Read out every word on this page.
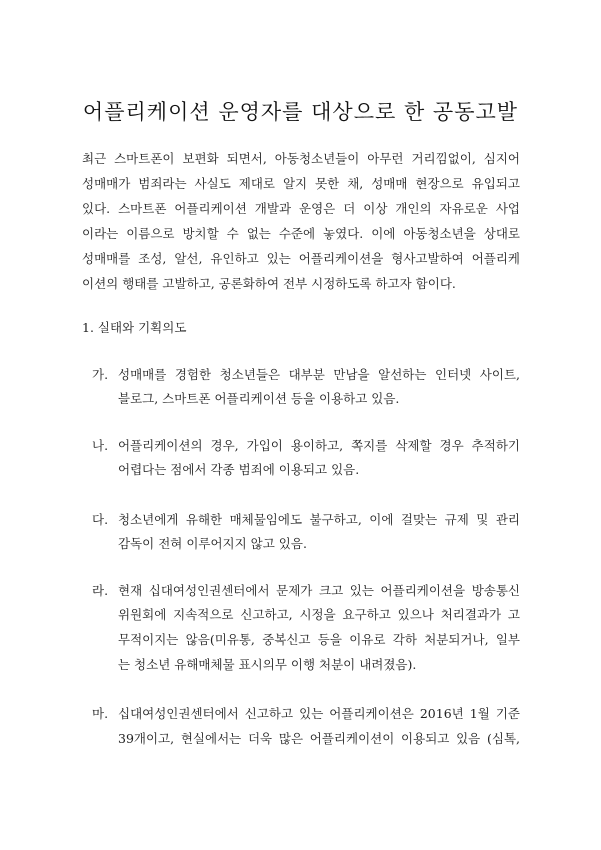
어플리케이션 운영자를 대상으로 한 공동고발
최근 스마트폰이 보편화 되면서, 아동청소년들이 아무런 거리낌없이, 심지어
성매매가 범죄라는 사실도 제대로 알지 못한 채, 성매매 현장으로 유입되고
있다. 스마트폰 어플리케이션 개발과 운영은 더 이상 개인의 자유로운 사업
이라는 이름으로 방치할 수 없는 수준에 놓였다. 이에 아동청소년을 상대로
성매매를 조성, 알선, 유인하고 있는 어플리케이션을 형사고발하여 어플리케
이션의 행태를 고발하고, 공론화하여 전부 시정하도록 하고자 함이다.
1. 실태와 기획의도
가. 성매매를 경험한 청소년들은 대부분 만남을 알선하는 인터넷 사이트,
블로그, 스마트폰 어플리케이션 등을 이용하고 있음.
나. 어플리케이션의 경우, 가입이 용이하고, 쪽지를 삭제할 경우 추적하기
어렵다는 점에서 각종 범죄에 이용되고 있음.
다. 청소년에게 유해한 매체물임에도 불구하고, 이에 걸맞는 규제 및 관리
감독이 전혀 이루어지지 않고 있음.
라. 현재 십대여성인권센터에서 문제가 크고 있는 어플리케이션을 방송통신
위원회에 지속적으로 신고하고, 시정을 요구하고 있으나 처리결과가 고
무적이지는 않음(미유통, 중복신고 등을 이유로 각하 처분되거나, 일부
는 청소년 유해매체물 표시의무 이행 처분이 내려졌음).
마. 십대여성인권센터에서 신고하고 있는 어플리케이션은 2016년 1월 기준
39개이고, 현실에서는 더욱 많은 어플리케이션이 이용되고 있음 (심톡,
